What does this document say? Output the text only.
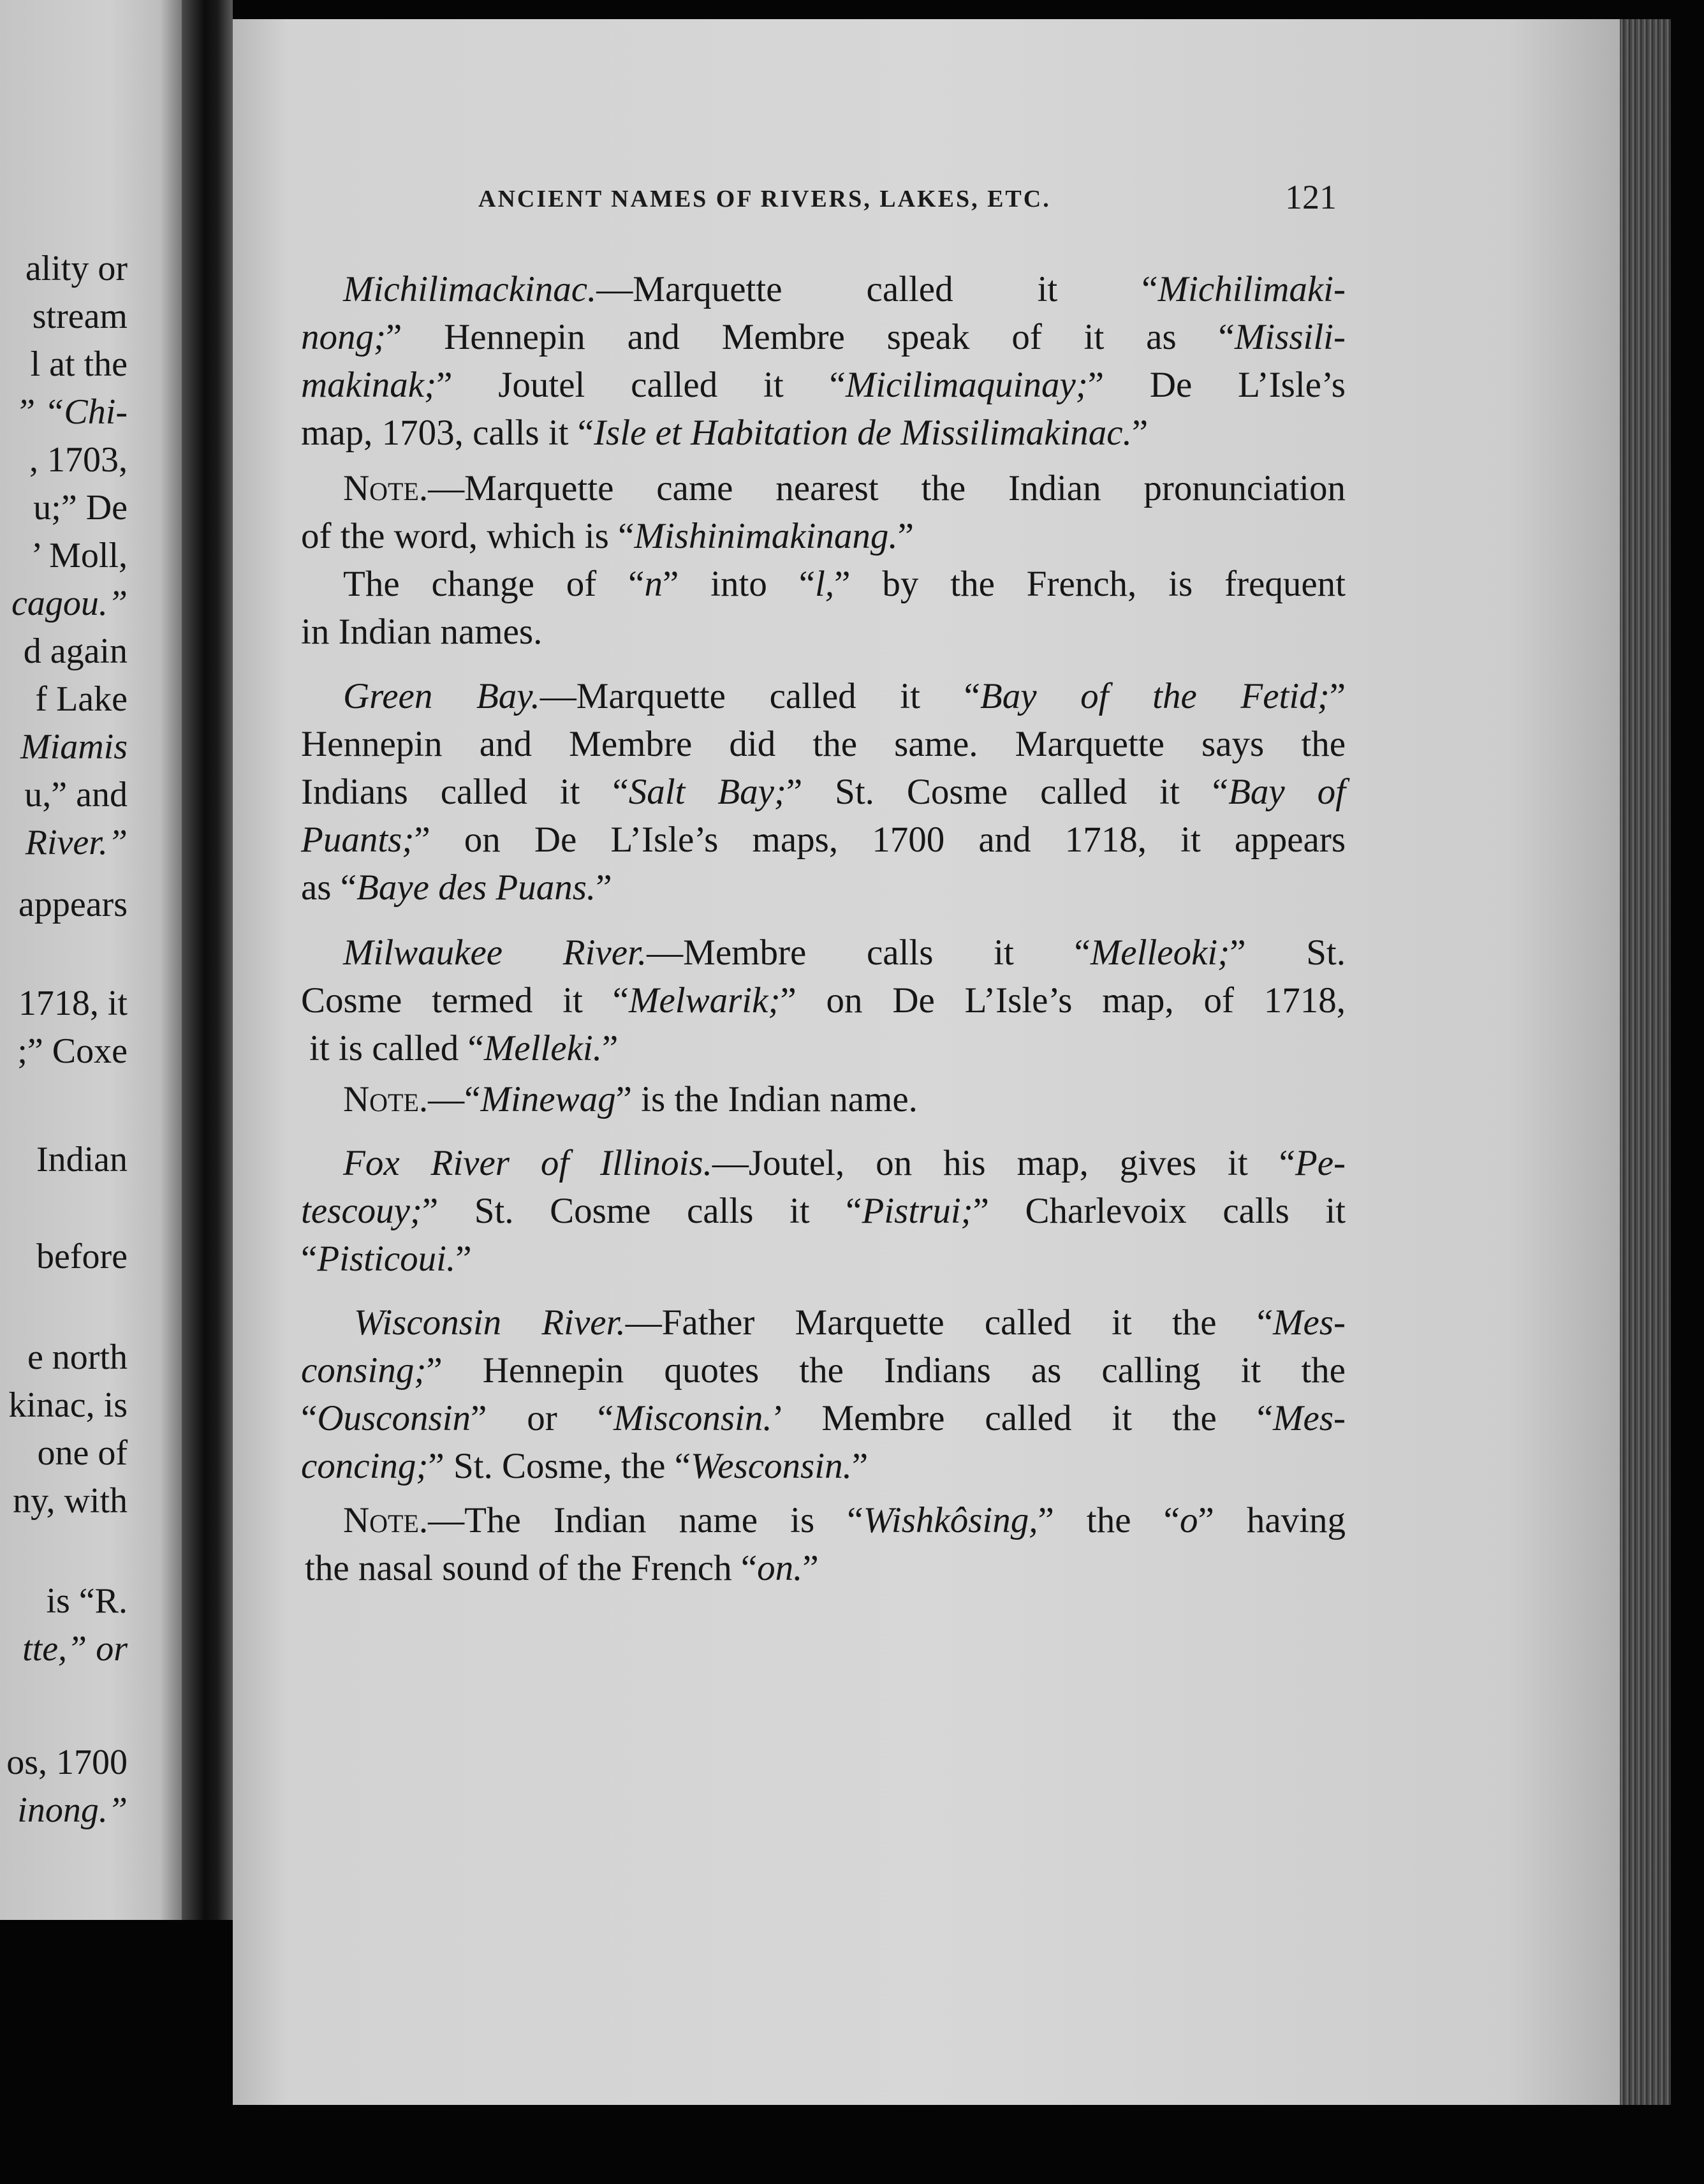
ality or
stream
l at the
” “Chi-
, 1703,
u;” De
’ Moll,
cagou.”
d again
f Lake
Miamis
u,” and
River.”
appears
1718, it
;” Coxe
Indian
before
e north
kinac, is
one of
ny, with
is “R.
tte,” or
os, 1700
inong.”
ANCIENT NAMES OF RIVERS, LAKES, ETC.	121
Michilimackinac.—Marquette called it “Michilimaki-
nong;” Hennepin and Membre speak of it as “Missili-
makinak;” Joutel called it “Micilimaquinay;” De L’Isle’s
map, 1703, calls it “Isle et Habitation de Missilimakinac.”
Note.—Marquette came nearest the Indian pronunciation
of the word, which is “Mishinimakinang.”
The change of “n” into “l,” by the French, is frequent
in Indian names.
Green Bay.—Marquette called it “Bay of the Fetid;”
Hennepin and Membre did the same. Marquette says the
Indians called it “Salt Bay;” St. Cosme called it “Bay of
Puants;” on De L’Isle’s maps, 1700 and 1718, it appears
as “Baye des Puans.”
Milwaukee River.—Membre calls it “Melleoki;” St.
Cosme termed it “Melwarik;” on De L’Isle’s map, of 1718,
it is called “Melleki.”
Note.—“Minewag” is the Indian name.
Fox River of Illinois.—Joutel, on his map, gives it “Pe-
tescouy;” St. Cosme calls it “Pistrui;” Charlevoix calls it
“Pisticoui.”
Wisconsin River.—Father Marquette called it the “Mes-
consing;” Hennepin quotes the Indians as calling it the
“Ousconsin” or “Misconsin.’ Membre called it the “Mes-
concing;” St. Cosme, the “Wesconsin.”
Note.—The Indian name is “Wishkôsing,” the “o” having
the nasal sound of the French “on.”
